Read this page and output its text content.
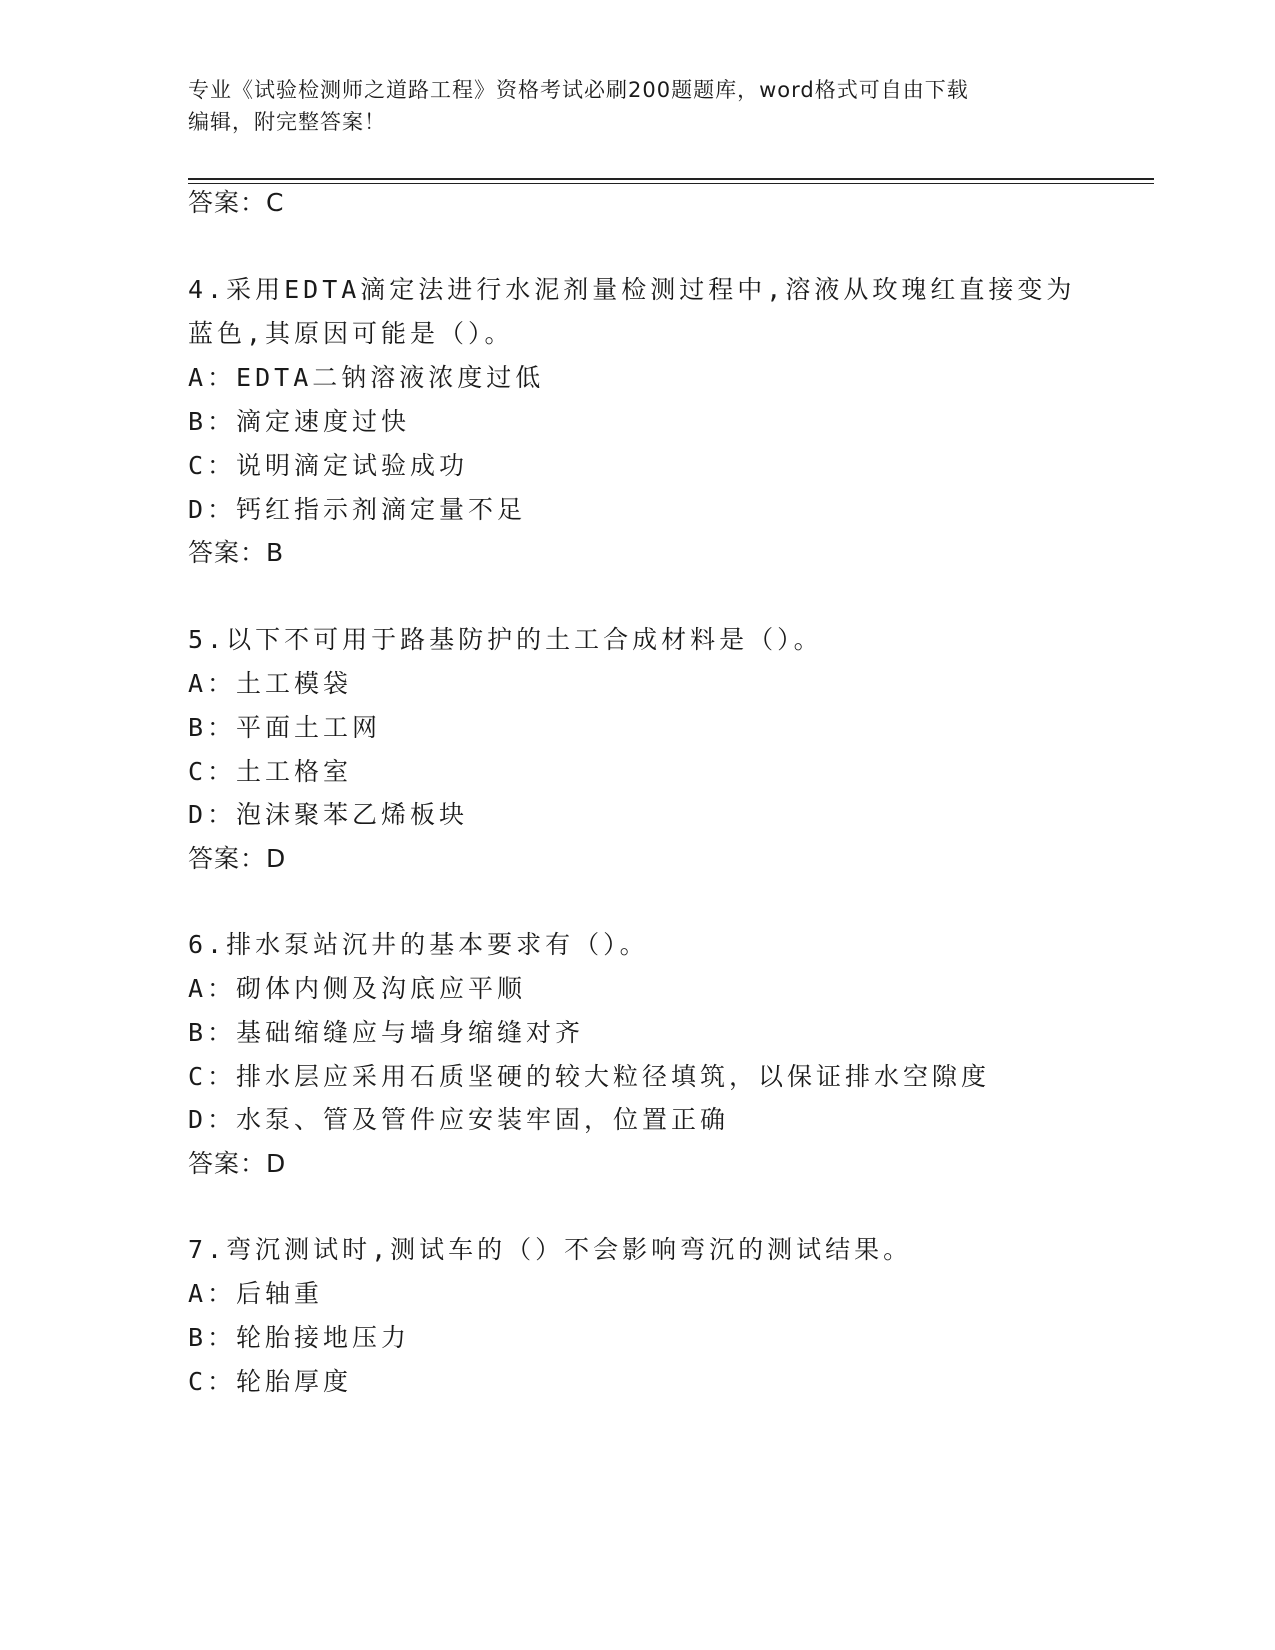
专业《试验检测师之道路工程》资格考试必刷200题题库，word格式可自由下载
编辑，附完整答案！
答案：C
4.采用EDTA滴定法进行水泥剂量检测过程中,溶液从玫瑰红直接变为
蓝色,其原因可能是（）。
A：EDTA二钠溶液浓度过低
B：滴定速度过快
C：说明滴定试验成功
D：钙红指示剂滴定量不足
答案：B
5.以下不可用于路基防护的土工合成材料是（）。
A：土工模袋
B：平面土工网
C：土工格室
D：泡沫聚苯乙烯板块
答案：D
6.排水泵站沉井的基本要求有（）。
A：砌体内侧及沟底应平顺
B：基础缩缝应与墙身缩缝对齐
C：排水层应采用石质坚硬的较大粒径填筑，以保证排水空隙度
D：水泵、管及管件应安装牢固，位置正确
答案：D
7.弯沉测试时,测试车的（）不会影响弯沉的测试结果。
A：后轴重
B：轮胎接地压力
C：轮胎厚度
